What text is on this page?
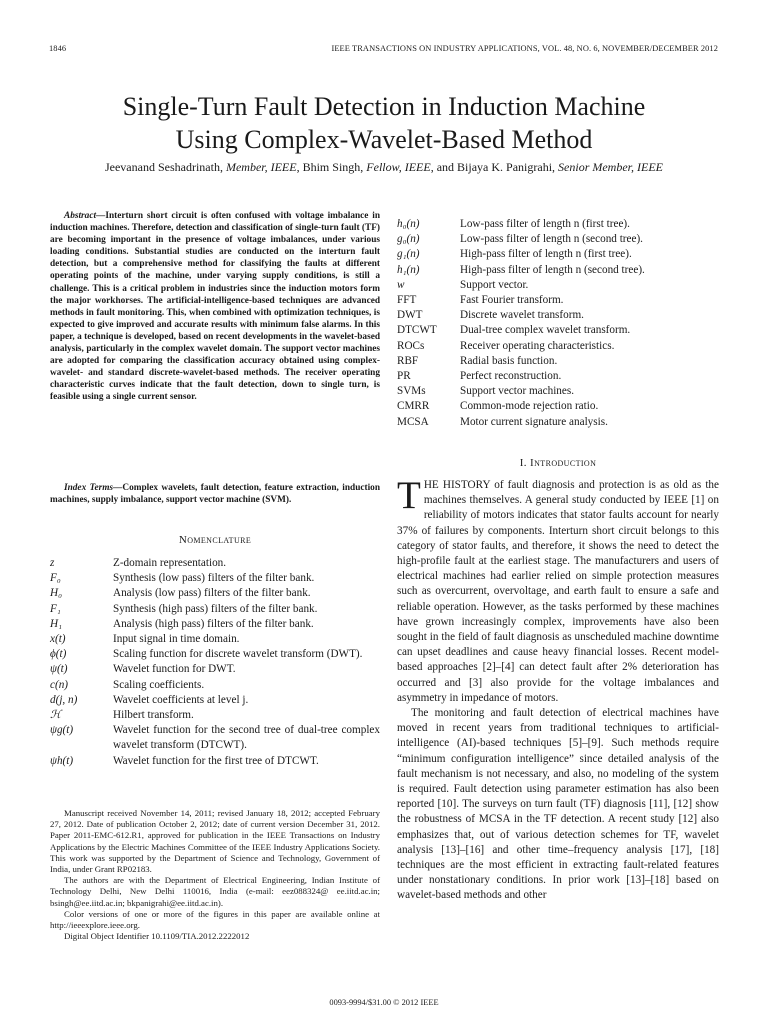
1846	IEEE TRANSACTIONS ON INDUSTRY APPLICATIONS, VOL. 48, NO. 6, NOVEMBER/DECEMBER 2012
Single-Turn Fault Detection in Induction Machine
Using Complex-Wavelet-Based Method
Jeevanand Seshadrinath, Member, IEEE, Bhim Singh, Fellow, IEEE, and Bijaya K. Panigrahi, Senior Member, IEEE
Abstract—Interturn short circuit is often confused with voltage imbalance in induction machines. Therefore, detection and classification of single-turn fault (TF) are becoming important in the presence of voltage imbalances, under various loading conditions. Substantial studies are conducted on the interturn fault detection, but a comprehensive method for classifying the faults at different operating points of the machine, under varying supply conditions, is still a challenge. This is a critical problem in industries since the induction motors form the major workhorses. The artificial-intelligence-based techniques are advanced methods in fault monitoring. This, when combined with optimization techniques, is expected to give improved and accurate results with minimum false alarms. In this paper, a technique is developed, based on recent developments in the wavelet-based analysis, particularly in the complex wavelet domain. The support vector machines are adopted for comparing the classification accuracy obtained using complex-wavelet- and standard discrete-wavelet-based methods. The receiver operating characteristic curves indicate that the fault detection, down to single turn, is feasible using a single current sensor.
Index Terms—Complex wavelets, fault detection, feature extraction, induction machines, supply imbalance, support vector machine (SVM).
Nomenclature
z	Z-domain representation.
F₀	Synthesis (low pass) filters of the filter bank.
H₀	Analysis (low pass) filters of the filter bank.
F₁	Synthesis (high pass) filters of the filter bank.
H₁	Analysis (high pass) filters of the filter bank.
x(t)	Input signal in time domain.
ϕ(t)	Scaling function for discrete wavelet transform (DWT).
ψ(t)	Wavelet function for DWT.
c(n)	Scaling coefficients.
d(j, n)	Wavelet coefficients at level j.
ℋ	Hilbert transform.
ψg(t)	Wavelet function for the second tree of dual-tree complex wavelet transform (DTCWT).
ψh(t)	Wavelet function for the first tree of DTCWT.

Manuscript received November 14, 2011; revised January 18, 2012; accepted February 27, 2012. Date of publication October 2, 2012; date of current version December 31, 2012. Paper 2011-EMC-612.R1, approved for publication in the IEEE Transactions on Industry Applications by the Electric Machines Committee of the IEEE Industry Applications Society. This work was supported by the Department of Science and Technology, Government of India, under Grant RP02183.

The authors are with the Department of Electrical Engineering, Indian Institute of Technology Delhi, New Delhi 110016, India (e-mail: eez088324@ ee.iitd.ac.in; bsingh@ee.iitd.ac.in; bkpanigrahi@ee.iitd.ac.in).

Color versions of one or more of the figures in this paper are available online at http://ieeexplore.ieee.org.

Digital Object Identifier 10.1109/TIA.2012.2222012

h₀(n)	Low-pass filter of length n (first tree).
g₀(n)	Low-pass filter of length n (second tree).
g₁(n)	High-pass filter of length n (first tree).
h₁(n)	High-pass filter of length n (second tree).
w	Support vector.
FFT	Fast Fourier transform.
DWT	Discrete wavelet transform.
DTCWT	Dual-tree complex wavelet transform.
ROCs	Receiver operating characteristics.
RBF	Radial basis function.
PR	Perfect reconstruction.
SVMs	Support vector machines.
CMRR	Common-mode rejection ratio.
MCSA	Motor current signature analysis.
I. Introduction

THE HISTORY of fault diagnosis and protection is as old as the machines themselves. A general study conducted by IEEE [1] on reliability of motors indicates that stator faults account for nearly 37% of failures by components. Interturn short circuit belongs to this category of stator faults, and therefore, it shows the need to detect the high-profile fault at the earliest stage. The manufacturers and users of electrical machines had earlier relied on simple protection measures such as overcurrent, overvoltage, and earth fault to ensure a safe and reliable operation. However, as the tasks performed by these machines have grown increasingly complex, improvements have also been sought in the field of fault diagnosis as unscheduled machine downtime can upset deadlines and cause heavy financial losses. Recent model-based approaches [2]–[4] can detect fault after 2% deterioration has occurred and [3] also provide for the voltage imbalances and asymmetry in impedance of motors.

The monitoring and fault detection of electrical machines have moved in recent years from traditional techniques to artificial-intelligence (AI)-based techniques [5]–[9]. Such methods require “minimum configuration intelligence” since detailed analysis of the fault mechanism is not necessary, and also, no modeling of the system is required. Fault detection using parameter estimation has also been reported [10]. The surveys on turn fault (TF) diagnosis [11], [12] show the robustness of MCSA in the TF detection. A recent study [12] also emphasizes that, out of various detection schemes for TF, wavelet analysis [13]–[16] and other time–frequency analysis [17], [18] techniques are the most efficient in extracting fault-related features under nonstationary conditions. In prior work [13]–[18] based on wavelet-based methods and other

0093-9994/$31.00 © 2012 IEEE
